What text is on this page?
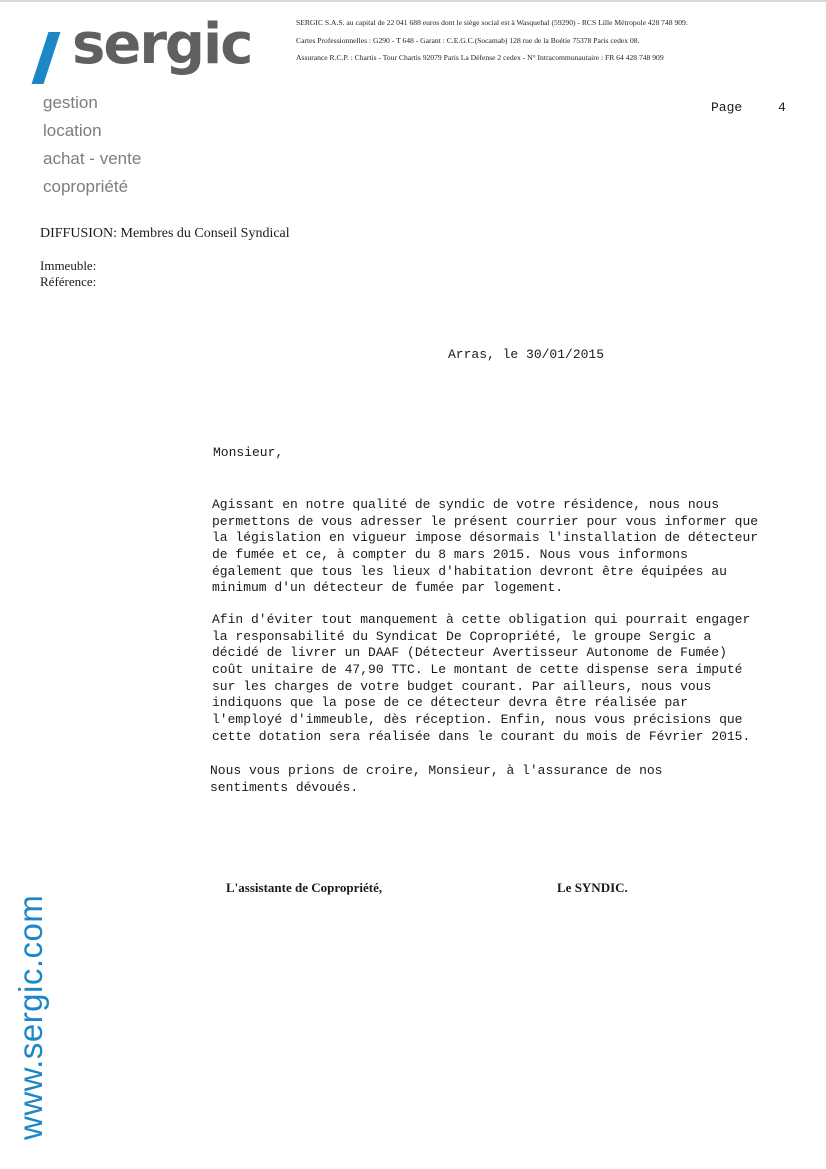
sergic	SERGIC S.A.S. au capital de 22 041 688 euros dont le siège social est à Wasquehal (59290) - RCS Lille Métropole 428 748 909.
Cartes Professionnelles : G290 - T 648 - Garant : C.E.G.C.(Socamab) 128 rue de la Boétie 75378 Paris cedex 08.
Assurance R.C.P. : Chartis - Tour Chartis 92079 Paris La Défense 2 cedex - N° Intracommunautaire : FR 64 428 748 909
gestion
location
achat - vente
copropriété
Page	4
DIFFUSION: Membres du Conseil Syndical
Immeuble:
Référence:
Arras, le 30/01/2015
Monsieur,
Agissant en notre qualité de syndic de votre résidence, nous nous
permettons de vous adresser le présent courrier pour vous informer que
la législation en vigueur impose désormais l'installation de détecteur
de fumée et ce, à compter du 8 mars 2015. Nous vous informons
également que tous les lieux d'habitation devront être équipées au
minimum d'un détecteur de fumée par logement.
Afin d'éviter tout manquement à cette obligation qui pourrait engager
la responsabilité du Syndicat De Copropriété, le groupe Sergic a
décidé de livrer un DAAF (Détecteur Avertisseur Autonome de Fumée)
coût unitaire de 47,90 TTC. Le montant de cette dispense sera imputé
sur les charges de votre budget courant. Par ailleurs, nous vous
indiquons que la pose de ce détecteur devra être réalisée par
l'employé d'immeuble, dès réception. Enfin, nous vous précisions que
cette dotation sera réalisée dans le courant du mois de Février 2015.
Nous vous prions de croire, Monsieur, à l'assurance de nos
sentiments dévoués.
L'assistante de Copropriété,	Le SYNDIC.
www.sergic.com
